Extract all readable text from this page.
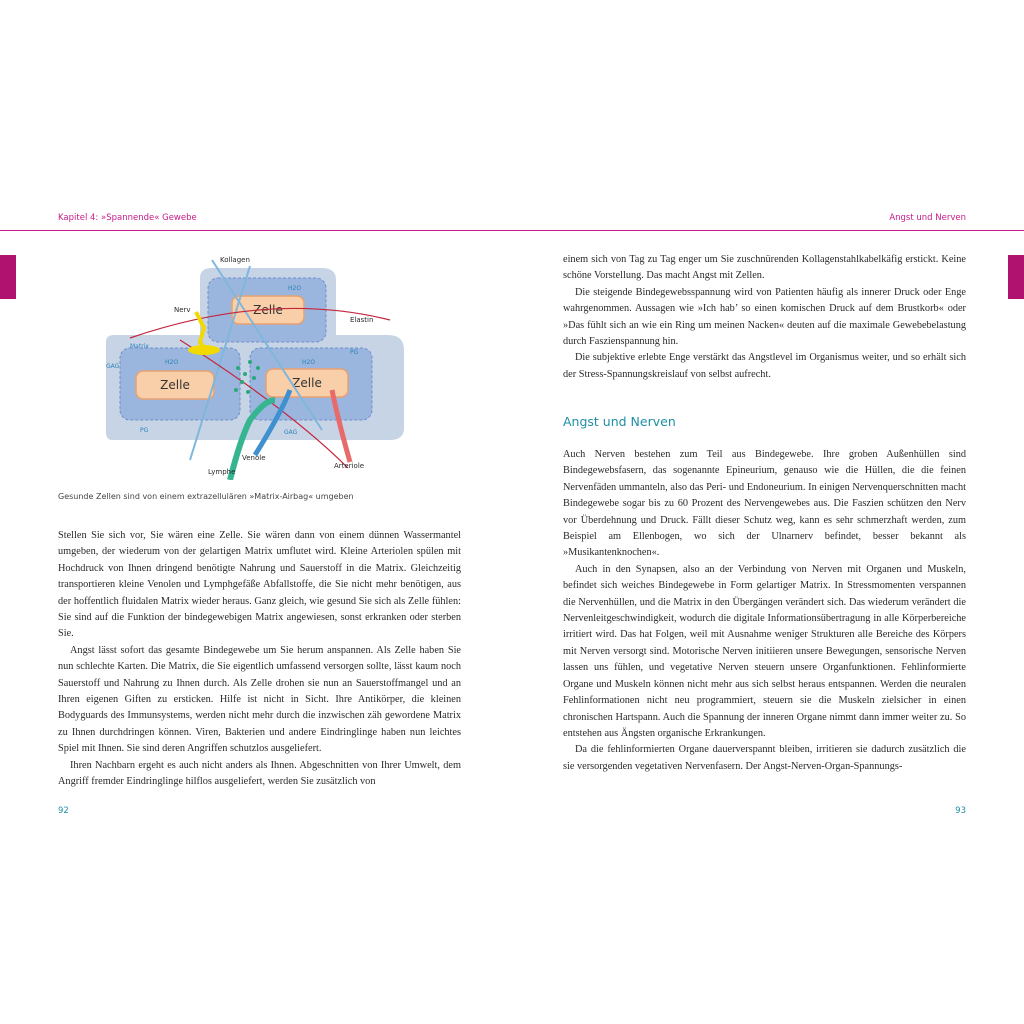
Kapitel 4: »Spannende« Gewebe	Angst und Nerven
Zelle
Zelle	Zelle
H2O
H2O	H2O
Kollagen
Nerv
Elastin
Matrix
GAG
PG
PG
GAG
Venole
Lymphe
Arteriole
Gesunde Zellen sind von einem extrazellulären »Matrix-Airbag« umgeben

Stellen Sie sich vor, Sie wären eine Zelle. Sie wären dann von einem dünnen Wassermantel umgeben, der wiederum von der gelartigen Matrix umflutet wird. Kleine Arteriolen spülen mit Hochdruck von Ihnen dringend benötigte Nahrung und Sauerstoff in die Matrix. Gleichzeitig transportieren kleine Venolen und Lymphgefäße Abfallstoffe, die Sie nicht mehr benötigen, aus der hoffentlich fluidalen Matrix wieder heraus. Ganz gleich, wie gesund Sie sich als Zelle fühlen: Sie sind auf die Funktion der bindegewebigen Matrix angewiesen, sonst erkranken oder sterben Sie.

Angst lässt sofort das gesamte Bindegewebe um Sie herum anspannen. Als Zelle haben Sie nun schlechte Karten. Die Matrix, die Sie eigentlich umfassend versorgen sollte, lässt kaum noch Sauerstoff und Nahrung zu Ihnen durch. Als Zelle drohen sie nun an Sauerstoffmangel und an Ihren eigenen Giften zu ersticken. Hilfe ist nicht in Sicht. Ihre Antikörper, die kleinen Bodyguards des Immunsystems, werden nicht mehr durch die inzwischen zäh gewordene Matrix zu Ihnen durchdringen können. Viren, Bakterien und andere Eindringlinge haben nun leichtes Spiel mit Ihnen. Sie sind deren Angriffen schutzlos ausgeliefert.

Ihren Nachbarn ergeht es auch nicht anders als Ihnen. Abgeschnitten von Ihrer Umwelt, dem Angriff fremder Eindringlinge hilflos ausgeliefert, werden Sie zusätzlich von

einem sich von Tag zu Tag enger um Sie zuschnürenden Kollagenstahlkabelkäfig erstickt. Keine schöne Vorstellung. Das macht Angst mit Zellen.

Die steigende Bindegewebsspannung wird von Patienten häufig als innerer Druck oder Enge wahrgenommen. Aussagen wie »Ich hab’ so einen komischen Druck auf dem Brustkorb« oder »Das fühlt sich an wie ein Ring um meinen Nacken« deuten auf die maximale Gewebebelastung durch Faszienspannung hin.

Die subjektive erlebte Enge verstärkt das Angstlevel im Organismus weiter, und so erhält sich der Stress-Spannungskreislauf von selbst aufrecht.

Angst und Nerven

Auch Nerven bestehen zum Teil aus Bindegewebe. Ihre groben Außenhüllen sind Bindegewebsfasern, das sogenannte Epineurium, genauso wie die Hüllen, die die feinen Nervenfäden ummanteln, also das Peri- und Endoneurium. In einigen Nervenquerschnitten macht Bindegewebe sogar bis zu 60 Prozent des Nervengewebes aus. Die Faszien schützen den Nerv vor Überdehnung und Druck. Fällt dieser Schutz weg, kann es sehr schmerzhaft werden, zum Beispiel am Ellenbogen, wo sich der Ulnarnerv befindet, besser bekannt als »Musikantenknochen«.

Auch in den Synapsen, also an der Verbindung von Nerven mit Organen und Muskeln, befindet sich weiches Bindegewebe in Form gelartiger Matrix. In Stressmomenten verspannen die Nervenhüllen, und die Matrix in den Übergängen verändert sich. Das wiederum verändert die Nervenleitgeschwindigkeit, wodurch die digitale Informationsübertragung in alle Körperbereiche irritiert wird. Das hat Folgen, weil mit Ausnahme weniger Strukturen alle Bereiche des Körpers mit Nerven versorgt sind. Motorische Nerven initiieren unsere Bewegungen, sensorische Nerven lassen uns fühlen, und vegetative Nerven steuern unsere Organfunktionen. Fehlinformierte Organe und Muskeln können nicht mehr aus sich selbst heraus entspannen. Werden die neuralen Fehlinformationen nicht neu programmiert, steuern sie die Muskeln zielsicher in einen chronischen Hartspann. Auch die Spannung der inneren Organe nimmt dann immer weiter zu. So entstehen aus Ängsten organische Erkrankungen.

Da die fehlinformierten Organe dauerverspannt bleiben, irritieren sie dadurch zusätzlich die sie versorgenden vegetativen Nervenfasern. Der Angst-Nerven-Organ-Spannungs-

92	93
